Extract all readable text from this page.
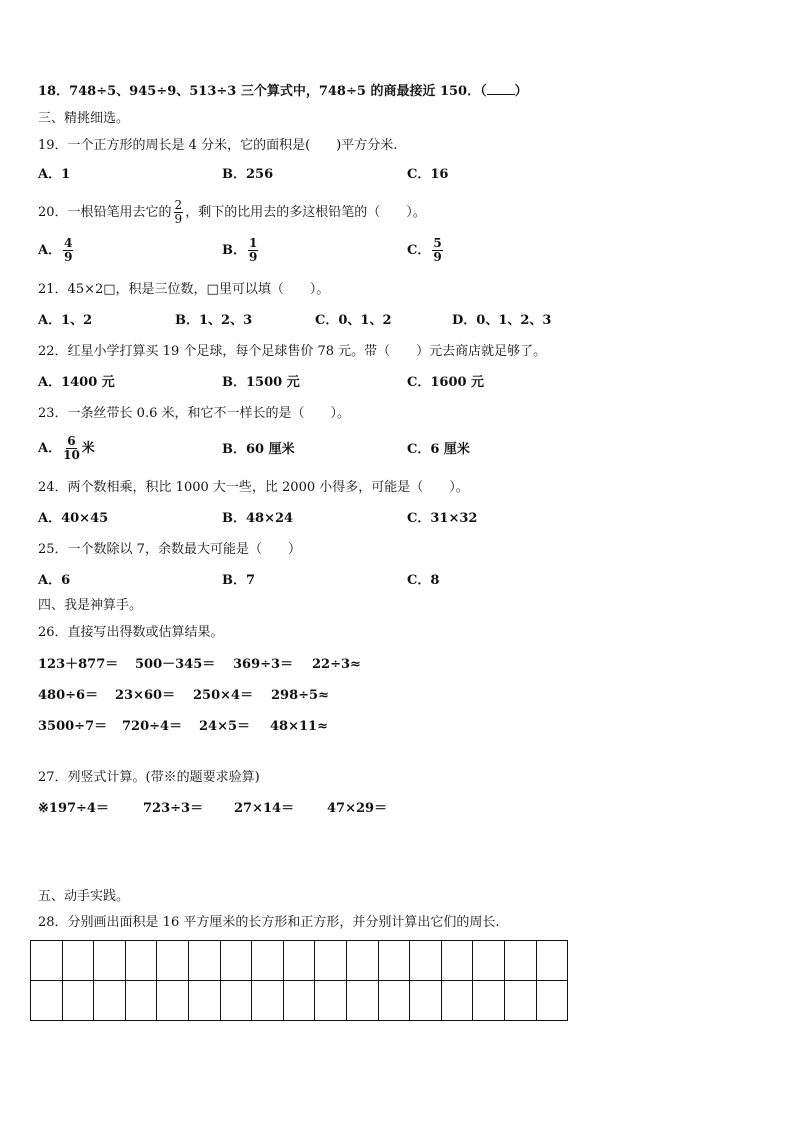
18．748÷5、945÷9、513÷3 三个算式中，748÷5 的商最接近 150．（ ）
三、精挑细选。
19．一个正方形的周长是 4 分米，它的面积是(　　)平方分米.
A．1	B．256	C．16
20．一根铅笔用去它的 $\frac{2}{9}$ ，剩下的比用去的多这根铅笔的（　　）。
A． $\frac{4}{9}$	B． $\frac{1}{9}$	C． $\frac{5}{9}$
21．45×2□，积是三位数，□里可以填（　　）。
A．1、2	B．1、2、3	C．0、1、2	D．0、1、2、3
22．红星小学打算买 19 个足球，每个足球售价 78 元。带（　　）元去商店就足够了。
A．1400 元	B．1500 元	C．1600 元
23．一条丝带长 0.6 米，和它不一样长的是（　　）。
A． $\frac{6}{10}$ 米	B．60 厘米	C．6 厘米
24．两个数相乘，积比 1000 大一些，比 2000 小得多，可能是（　　）。
A．40×45	B．48×24	C．31×32
25．一个数除以 7，余数最大可能是（　　）
A．6	B．7	C．8
四、我是神算手。
26．直接写出得数或估算结果。
123＋877＝ 500－345＝ 369÷3＝ 22÷3≈
480÷6＝ 23×60＝ 250×4＝ 298÷5≈
3500÷7＝ 720÷4＝ 24×5＝ 48×11≈
27．列竖式计算。(带※的题要求验算)
※197÷4＝	723÷3＝ 27×14＝	47×29＝
五、动手实践。
28．分别画出面积是 16 平方厘米的长方形和正方形，并分别计算出它们的周长.
